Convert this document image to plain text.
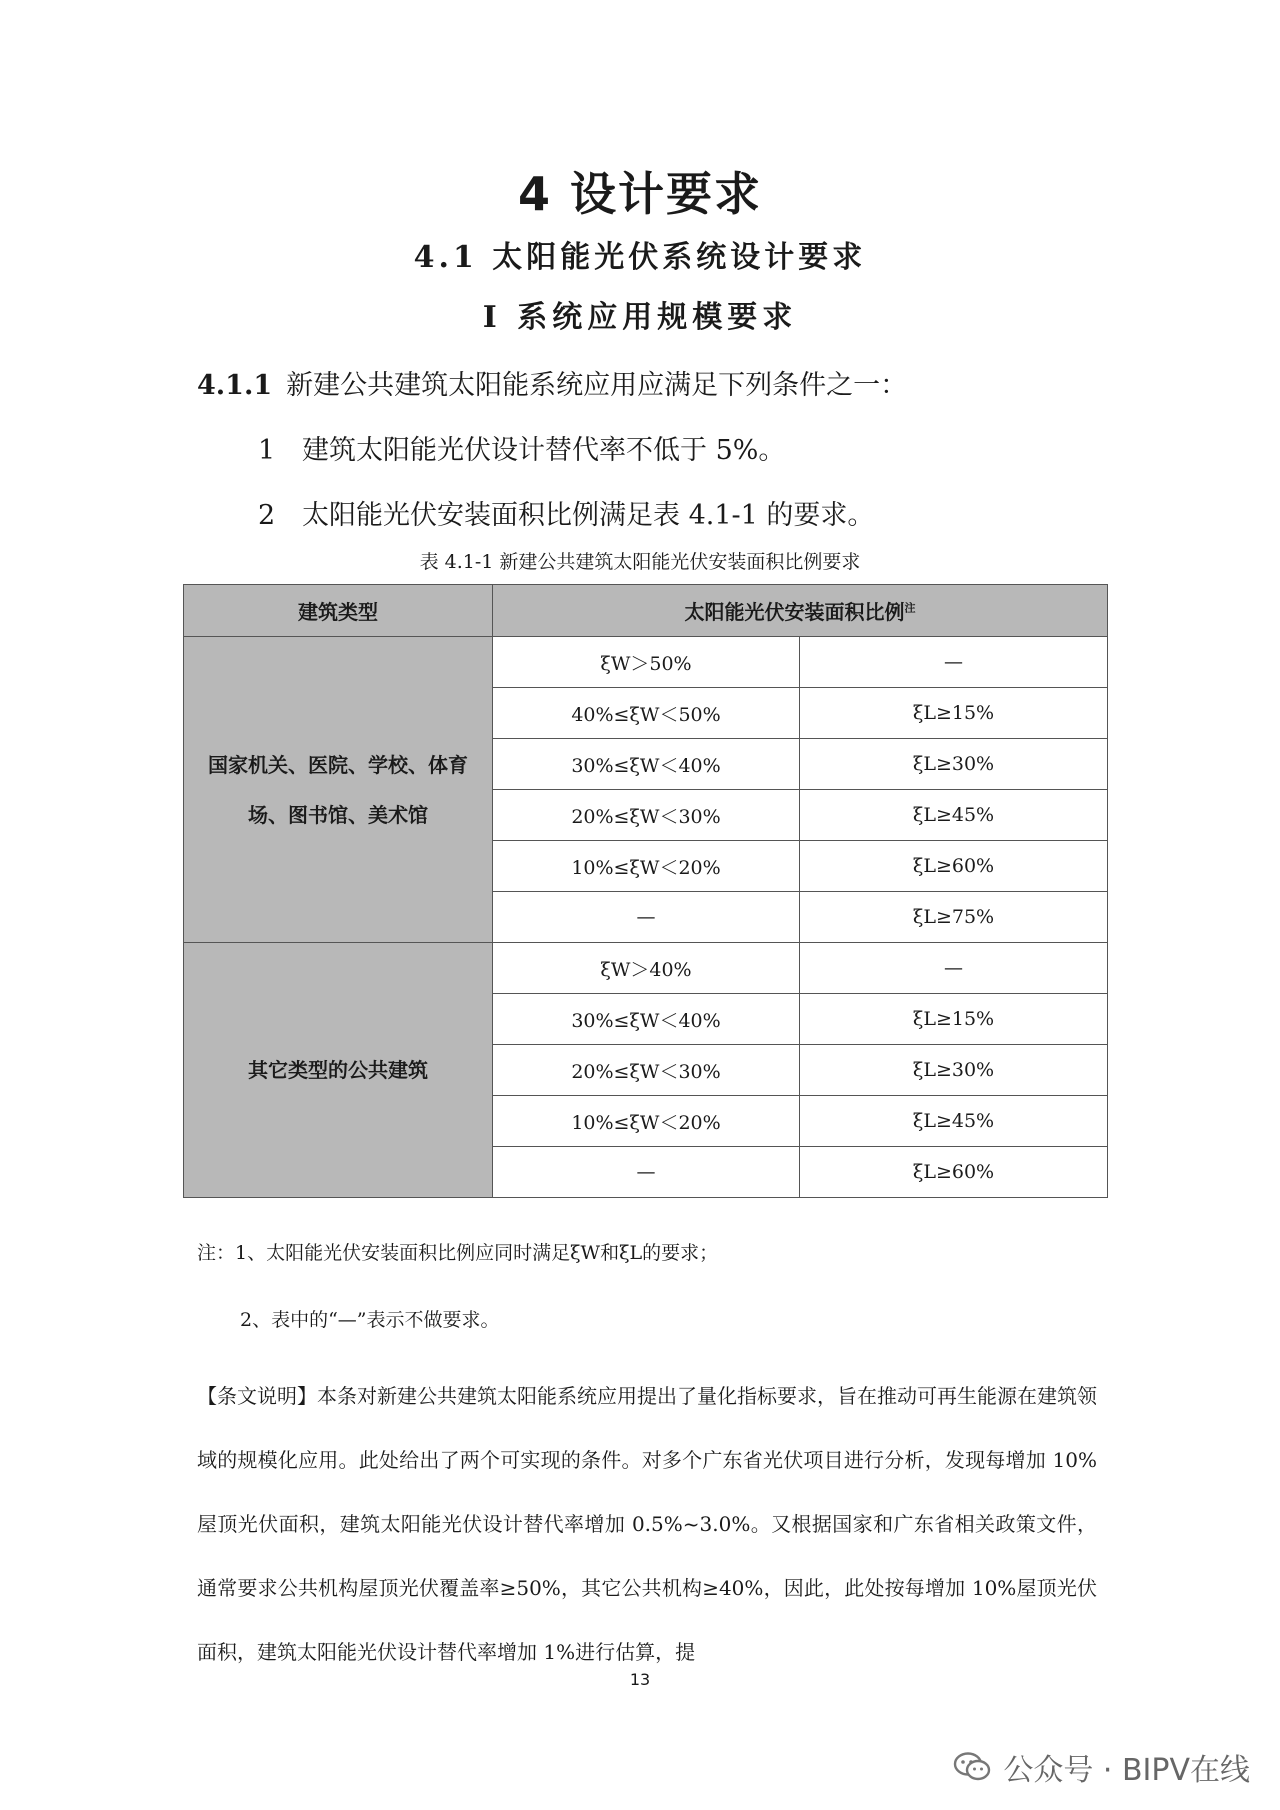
4 设计要求
4.1 太阳能光伏系统设计要求
Ⅰ 系统应用规模要求
4.1.1 新建公共建筑太阳能系统应用应满足下列条件之一：
1 建筑太阳能光伏设计替代率不低于 5%。
2 太阳能光伏安装面积比例满足表 4.1-1 的要求。
表 4.1-1 新建公共建筑太阳能光伏安装面积比例要求
建筑类型	太阳能光伏安装面积比例$^注$
国家机关、医院、学校、体育场、图书馆、美术馆	ξW＞50%	—
	40%≤ξW＜50%	ξL≥15%
	30%≤ξW＜40%	ξL≥30%
	20%≤ξW＜30%	ξL≥45%
	10%≤ξW＜20%	ξL≥60%
	—	ξL≥75%
其它类型的公共建筑	ξW＞40%	—
	30%≤ξW＜40%	ξL≥15%
	20%≤ξW＜30%	ξL≥30%
	10%≤ξW＜20%	ξL≥45%
	—	ξL≥60%
注：1、太阳能光伏安装面积比例应同时满足ξW和ξL的要求；
2、表中的“—”表示不做要求。
【条文说明】本条对新建公共建筑太阳能系统应用提出了量化指标要求，旨在推动可再生能源在建筑领域的规模化应用。此处给出了两个可实现的条件。对多个广东省光伏项目进行分析，发现每增加 10%屋顶光伏面积，建筑太阳能光伏设计替代率增加 0.5%~3.0%。又根据国家和广东省相关政策文件，通常要求公共机构屋顶光伏覆盖率≥50%，其它公共机构≥40%，因此，此处按每增加 10%屋顶光伏面积，建筑太阳能光伏设计替代率增加 1%进行估算，提
13
公众号 · BIPV在线
